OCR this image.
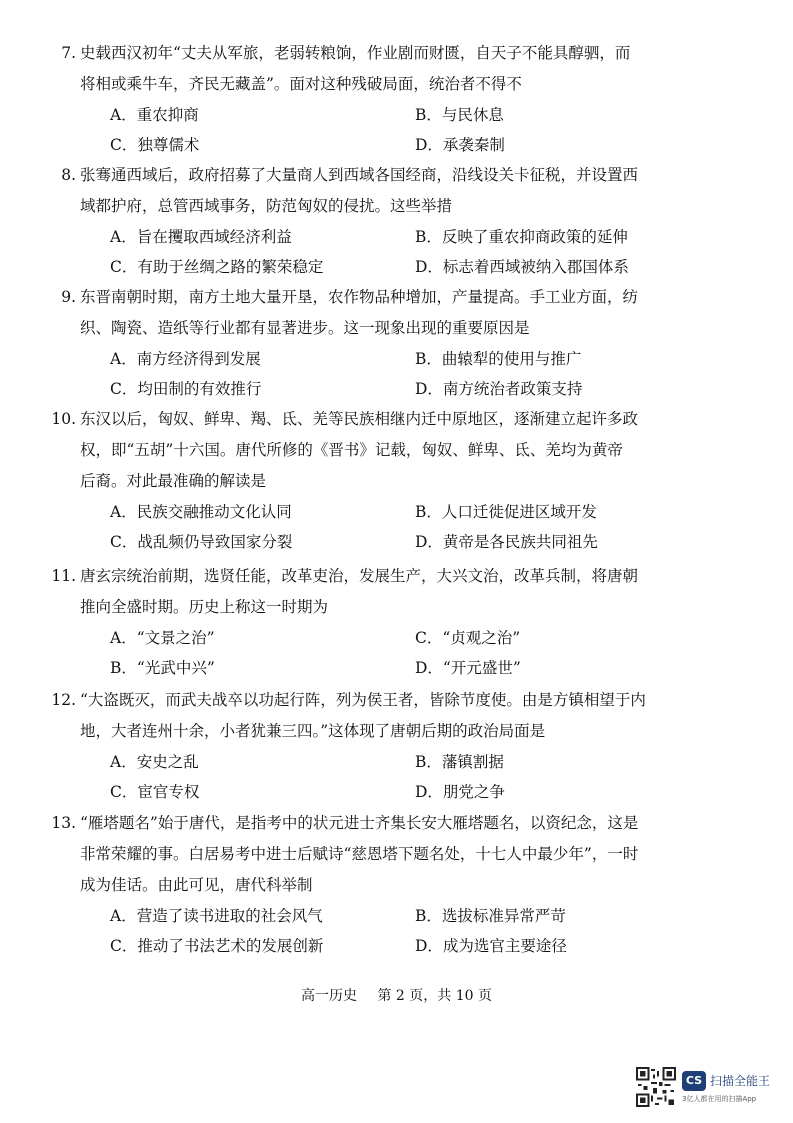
7. 史载西汉初年“丈夫从军旅，老弱转粮饷，作业剧而财匮，自天子不能具醇驷，而
将相或乘牛车，齐民无藏盖”。面对这种残破局面，统治者不得不
A．重农抑商	B．与民休息
C．独尊儒术	D．承袭秦制
8. 张骞通西域后，政府招募了大量商人到西域各国经商，沿线设关卡征税，并设置西
域都护府，总管西域事务，防范匈奴的侵扰。这些举措
A．旨在攫取西域经济利益	B．反映了重农抑商政策的延伸
C．有助于丝绸之路的繁荣稳定	D．标志着西域被纳入郡国体系
9. 东晋南朝时期，南方土地大量开垦，农作物品种增加，产量提高。手工业方面，纺
织、陶瓷、造纸等行业都有显著进步。这一现象出现的重要原因是
A．南方经济得到发展	B．曲辕犁的使用与推广
C．均田制的有效推行	D．南方统治者政策支持
10. 东汉以后，匈奴、鲜卑、羯、氐、羌等民族相继内迁中原地区，逐渐建立起许多政
权，即“五胡”十六国。唐代所修的《晋书》记载，匈奴、鲜卑、氐、羌均为黄帝
后裔。对此最准确的解读是
A．民族交融推动文化认同	B．人口迁徙促进区域开发
C．战乱频仍导致国家分裂	D．黄帝是各民族共同祖先
11. 唐玄宗统治前期，选贤任能，改革吏治，发展生产，大兴文治，改革兵制，将唐朝
推向全盛时期。历史上称这一时期为
A．“文景之治”	C．“贞观之治”
B．“光武中兴”	D．“开元盛世”
12. “大盗既灭，而武夫战卒以功起行阵，列为侯王者，皆除节度使。由是方镇相望于内
地，大者连州十余，小者犹兼三四。”这体现了唐朝后期的政治局面是
A．安史之乱	B．藩镇割据
C．宦官专权	D．朋党之争
13. “雁塔题名”始于唐代，是指考中的状元进士齐集长安大雁塔题名，以资纪念，这是
非常荣耀的事。白居易考中进士后赋诗“慈恩塔下题名处，十七人中最少年”，一时
成为佳话。由此可见，唐代科举制
A．营造了读书进取的社会风气	B．选拔标准异常严苛
C．推动了书法艺术的发展创新	D．成为选官主要途径
高一历史 第 2 页，共 10 页
CS 扫描全能王
3亿人都在用的扫描App
